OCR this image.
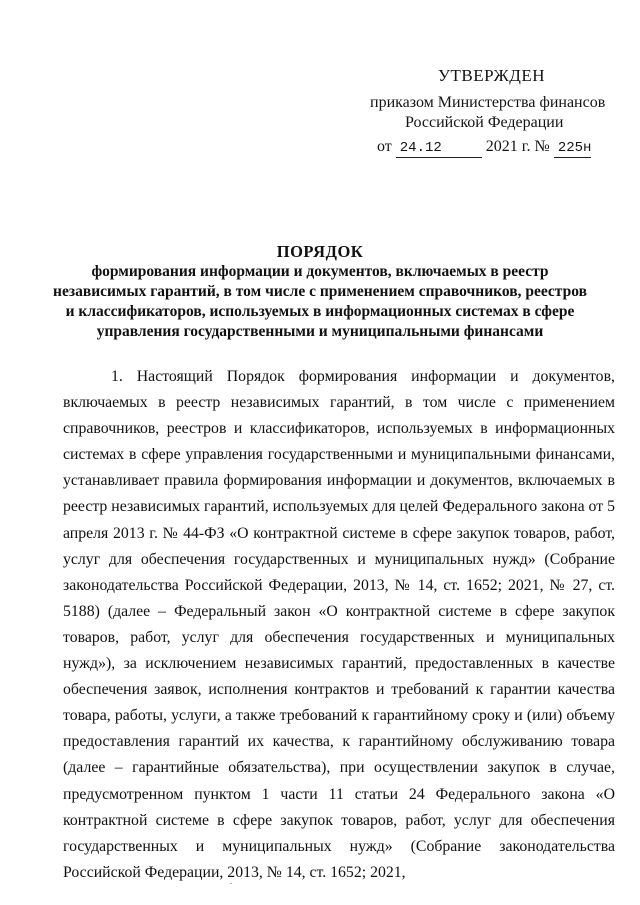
УТВЕРЖДЕН
приказом Министерства финансов
Российской Федерации
от 24.12	2021 г. № 225н
ПОРЯДОК
формирования информации и документов, включаемых в реестр независимых гарантий, в том числе с применением справочников, реестров и классификаторов, используемых в информационных системах в сфере управления государственными и муниципальными финансами

1. Настоящий Порядок формирования информации и документов, включаемых в реестр независимых гарантий, в том числе с применением справочников, реестров и классификаторов, используемых в информационных системах в сфере управления государственными и муниципальными финансами, устанавливает правила формирования информации и документов, включаемых в реестр независимых гарантий, используемых для целей Федерального закона от 5 апреля 2013 г. № 44-ФЗ «О контрактной системе в сфере закупок товаров, работ, услуг для обеспечения государственных и муниципальных нужд» (Собрание законодательства Российской Федерации, 2013, № 14, ст. 1652; 2021, № 27, ст. 5188) (далее – Федеральный закон «О контрактной системе в сфере закупок товаров, работ, услуг для обеспечения государственных и муниципальных нужд»), за исключением независимых гарантий, предоставленных в качестве обеспечения заявок, исполнения контрактов и требований к гарантии качества товара, работы, услуги, а также требований к гарантийному сроку и (или) объему предоставления гарантий их качества, к гарантийному обслуживанию товара (далее – гарантийные обязательства), при осуществлении закупок в случае, предусмотренном пунктом 1 части 11 статьи 24 Федерального закона «О контрактной системе в сфере закупок товаров, работ, услуг для обеспечения государственных и муниципальных нужд» (Собрание законодательства Российской Федерации, 2013, № 14, ст. 1652; 2021,
